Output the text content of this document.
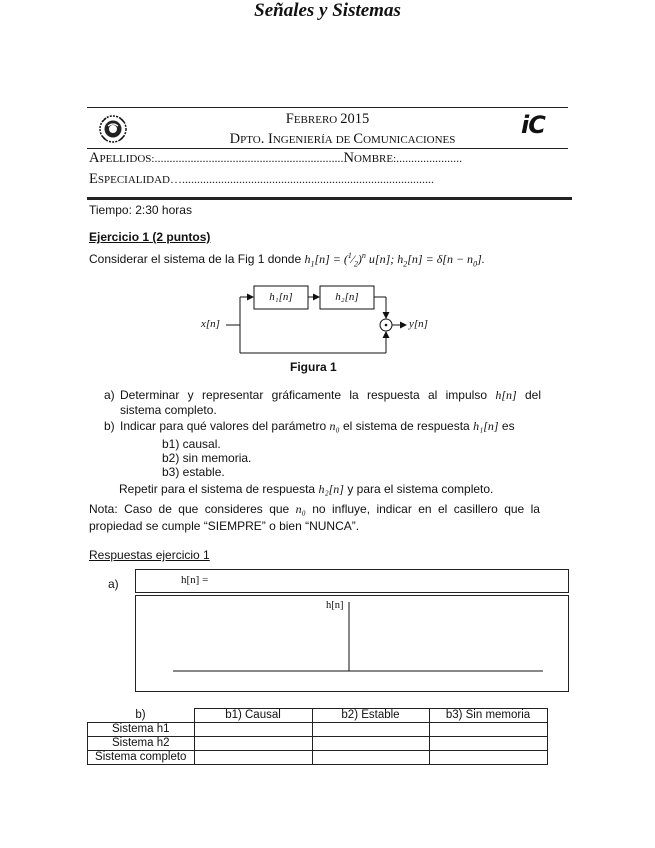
Señales y Sistemas
FEBRERO 2015
DPTO. INGENIERÍA DE COMUNICACIONES
iC
APELLIDOS:...............................................................NOMBRE:......................
ESPECIALIDAD…....................................................................................
Tiempo: 2:30 horas
Ejercicio 1 (2 puntos)
Considerar el sistema de la Fig 1 donde $h_1[n]$ = $(^1⁄_2)^n$ u[n]; $h_2[n] = \delta[n - n_0]$.
x[n]	y[n]
h₁[n]	h₂[n]
Figura 1
a) Determinar y representar gráficamente la respuesta al impulso h[n] del
sistema completo.
b) Indicar para qué valores del parámetro n₀ el sistema de respuesta h₁[n] es
b1) causal.
b2) sin memoria.
b3) estable.
Repetir para el sistema de respuesta h₂[n] y para el sistema completo.
Nota: Caso de que consideres que n₀ no influye, indicar en el casillero que la
propiedad se cumple “SIEMPRE” o bien “NUNCA”.
Respuestas ejercicio 1
a)	h[n] =
h[n]
b)	b1) Causal	b2) Estable	b3) Sin memoria
Sistema h1			
Sistema h2			
Sistema completo			
